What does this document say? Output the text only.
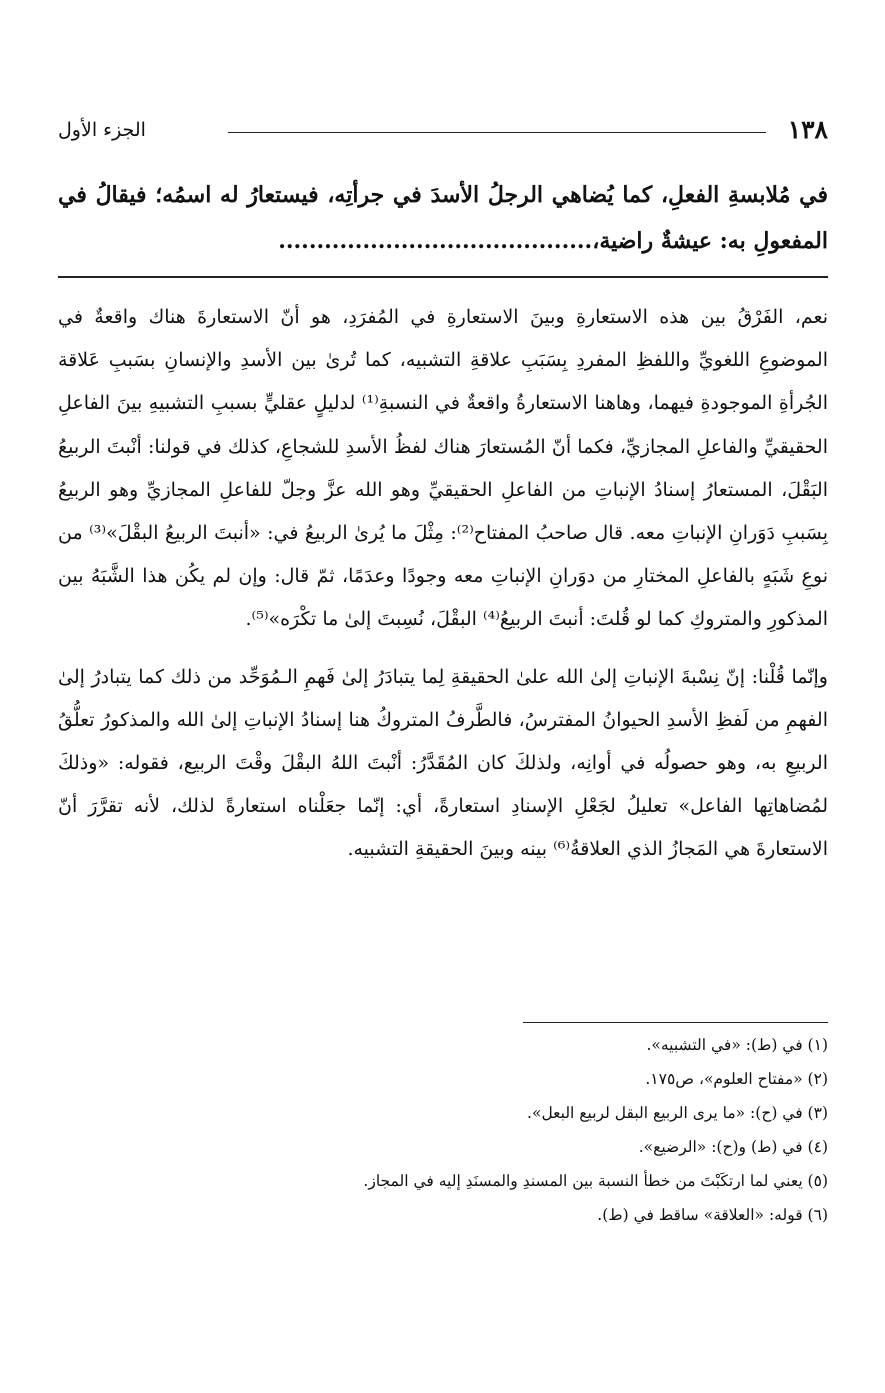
١٣٨
الجزء الأول

في مُلابسةِ الفعلِ، كما يُضاهي الرجلُ الأسدَ في جرأتِه، فيستعارُ له اسمُه؛ فيقالُ في المفعولِ به: عيشةٌ راضية،.........................................

نعم، الفَرْقُ بين هذه الاستعارةِ وبينَ الاستعارةِ في المُفرَدِ، هو أنّ الاستعارةَ هناك واقعةٌ في الموضوعِ اللغويِّ واللفظِ المفردِ بِسَبَبِ علاقةِ التشبيه، كما تُرىٰ بين الأسدِ والإنسانِ بسَببِ عَلاقة الجُرأةِ الموجودةِ فيهما، وهاهنا الاستعارةُ واقعةٌ في النسبةِ⁽¹⁾ لدليلٍ عقليٍّ بسببِ التشبيهِ بينَ الفاعلِ الحقيقيِّ والفاعلِ المجازيِّ، فكما أنّ المُستعارَ هناك لفظُ الأسدِ للشجاعِ، كذلك في قولنا: أنْبتَ الربيعُ البَقْلَ، المستعارُ إسنادُ الإنباتِ من الفاعلِ الحقيقيِّ وهو الله عزَّ وجلّ للفاعلِ المجازيِّ وهو الربيعُ بِسَببِ دَوَرانِ الإنباتِ معه. قال صاحبُ المفتاح⁽²⁾: مِثْلَ ما يُرىٰ الربيعُ في: «أنبتَ الربيعُ البقْلَ»⁽³⁾ من نوعِ شَبَهٍ بالفاعلِ المختارِ من دوَرانِ الإنباتِ معه وجودًا وعدَمًا، ثمّ قال: وإن لم يكُن هذا الشَّبَهُ بين المذكورِ والمتروكِ كما لو قُلتَ: أنبتَ الربيعُ⁽⁴⁾ البقْلَ، نُسِبتَ إلىٰ ما تكْرَه»⁽⁵⁾.

وإنّما قُلْنا: إنّ نِسْبةَ الإنباتِ إلىٰ الله علىٰ الحقيقةِ لِما يتبادَرُ إلىٰ فَهمِ الـمُوَحِّد من ذلك كما يتبادرُ إلىٰ الفهمِ من لَفظِ الأسدِ الحيوانُ المفترسُ، فالطَّرفُ المتروكُ هنا إسنادُ الإنباتِ إلىٰ الله والمذكورُ تعلُّقُ الربيعِ به، وهو حصولُه في أوانِه، ولذلكَ كان المُقَدَّرُ: أنْبتَ اللهُ البقْلَ وقْتَ الربيع، فقوله: «وذلكَ لمُضاهاتِها الفاعل» تعليلُ لجَعْلِ الإسنادِ استعارةً، أي: إنّما جعَلْناه استعارةً لذلك، لأنه تقرَّرَ أنّ الاستعارةَ هي المَجازُ الذي العلاقةُ⁽⁶⁾ بينه وبينَ الحقيقةِ التشبيه.

(١) في (ط): «في التشبيه».
(٢) «مفتاح العلوم»، ص١٧٥.
(٣) في (ح): «ما يرى الربيع البقل لربيع البعل».
(٤) في (ط) و(ح): «الرضيع».
(٥) يعني لما ارتكَبْتَ من خطأ النسبة بين المسندِ والمسنَدِ إليه في المجاز.
(٦) قوله: «العلاقة» ساقط في (ط).
